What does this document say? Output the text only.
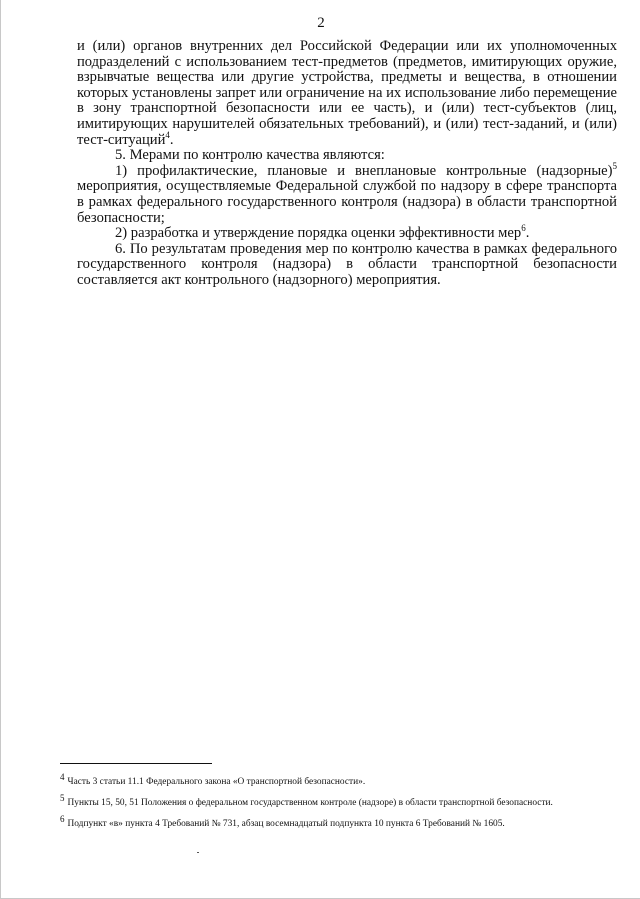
2

и (или) органов внутренних дел Российской Федерации или их уполномоченных подразделений с использованием тест-предметов (предметов, имитирующих оружие, взрывчатые вещества или другие устройства, предметы и вещества, в отношении которых установлены запрет или ограничение на их использование либо перемещение в зону транспортной безопасности или ее часть), и (или) тест-субъектов (лиц, имитирующих нарушителей обязательных требований), и (или) тест-заданий, и (или) тест-ситуаций$^4$.

5. Мерами по контролю качества являются:

1) профилактические, плановые и внеплановые контрольные (надзорные)$^5$ мероприятия, осуществляемые Федеральной службой по надзору в сфере транспорта в рамках федерального государственного контроля (надзора) в области транспортной безопасности;

2) разработка и утверждение порядка оценки эффективности мер$^6$.

6. По результатам проведения мер по контролю качества в рамках федерального государственного контроля (надзора) в области транспортной безопасности составляется акт контрольного (надзорного) мероприятия.

4 Часть 3 статьи 11.1 Федерального закона «О транспортной безопасности».

5 Пункты 15, 50, 51 Положения о федеральном государственном контроле (надзоре) в области транспортной безопасности.

6 Подпункт «в» пункта 4 Требований № 731, абзац восемнадцатый подпункта 10 пункта 6 Требований № 1605.
